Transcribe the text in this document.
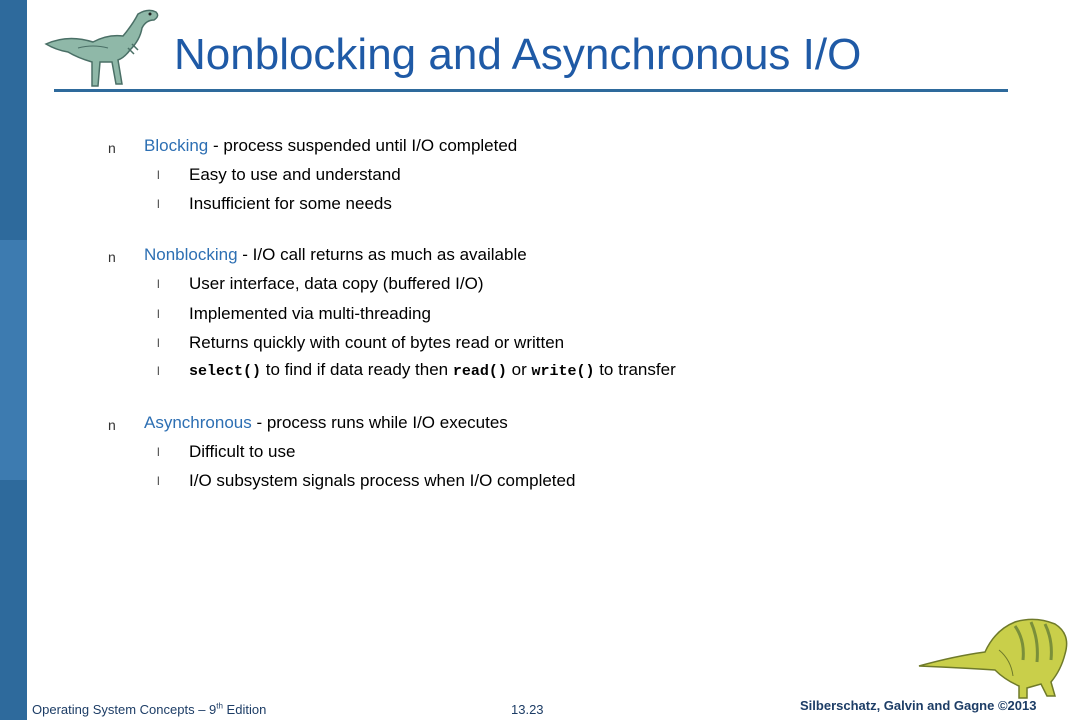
Nonblocking and Asynchronous I/O
n Blocking - process suspended until I/O completed
l Easy to use and understand
l Insufficient for some needs
n Nonblocking - I/O call returns as much as available
l User interface, data copy (buffered I/O)
l Implemented via multi-threading
l Returns quickly with count of bytes read or written
l select() to find if data ready then read() or write() to transfer
n Asynchronous - process runs while I/O executes
l Difficult to use
l I/O subsystem signals process when I/O completed
Operating System Concepts – 9th Edition	13.23	Silberschatz, Galvin and Gagne ©2013
